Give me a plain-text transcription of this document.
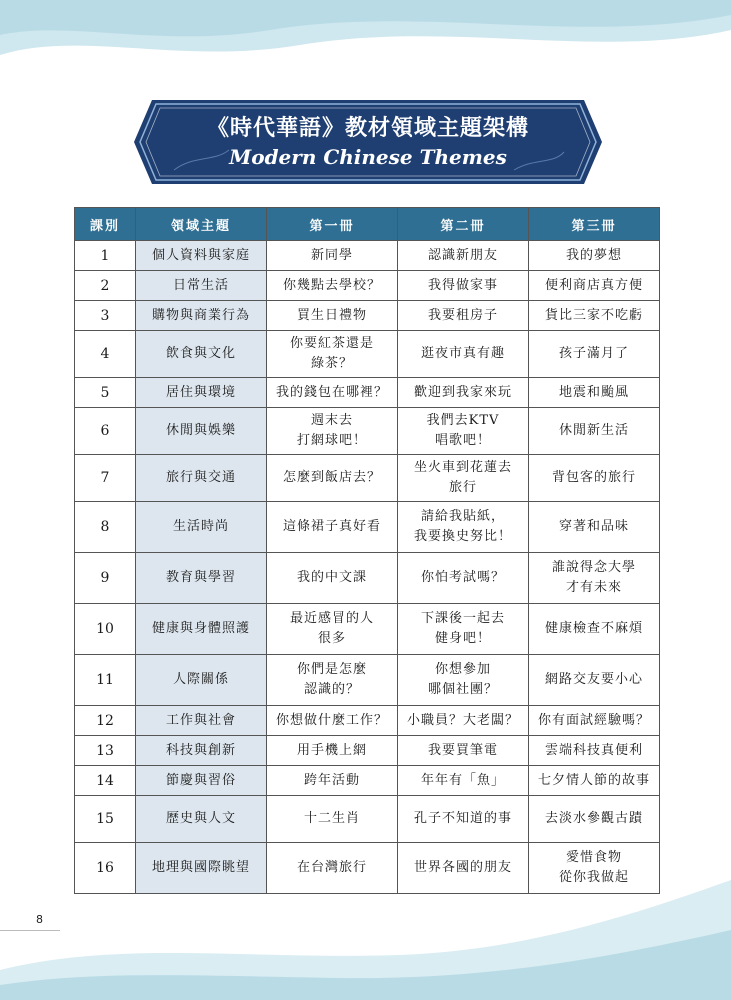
《時代華語》教材領域主題架構
Modern Chinese Themes
課別	領域主題	第一冊	第二冊	第三冊
1	個人資料與家庭	新同學	認識新朋友	我的夢想

2	日常生活	你幾點去學校？	我得做家事	便利商店真方便

3	購物與商業行為	買生日禮物	我要租房子	貨比三家不吃虧

4	飲食與文化	你要紅茶還是
綠茶？	逛夜市真有趣	孩子滿月了

5	居住與環境	我的錢包在哪裡？	歡迎到我家來玩	地震和颱風

6	休閒與娛樂	週末去
打網球吧！	我們去KTV
唱歌吧！	休閒新生活

7	旅行與交通	怎麼到飯店去？	坐火車到花蓮去
旅行	背包客的旅行

8	生活時尚	這條裙子真好看	請給我貼紙，
我要換史努比！	穿著和品味

9	教育與學習	我的中文課	你怕考試嗎？	誰說得念大學
才有未來

10	健康與身體照護	最近感冒的人
很多	下課後一起去
健身吧！	健康檢查不麻煩

11	人際關係	你們是怎麼
認識的？	你想參加
哪個社團？	網路交友要小心

12	工作與社會	你想做什麼工作？	小職員？大老闆？	你有面試經驗嗎？

13	科技與創新	用手機上網	我要買筆電	雲端科技真便利

14	節慶與習俗	跨年活動	年年有「魚」	七夕情人節的故事

15	歷史與人文	十二生肖	孔子不知道的事	去淡水參觀古蹟

16	地理與國際眺望	在台灣旅行	世界各國的朋友	愛惜食物
從你我做起
8
